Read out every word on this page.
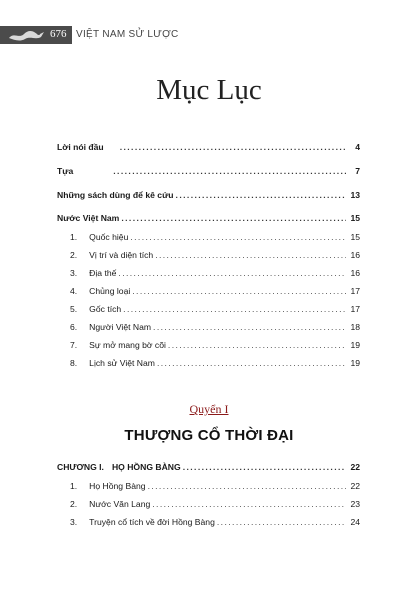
676 VIỆT NAM SỬ LƯỢC
Mục Lục
Lời nói đầu .....	4
Tựa .....	7
Những sách dùng để kê cứu .....	13
Nước Việt Nam .....	15
1. Quốc hiệu .....	15
2. Vị trí và diện tích .....	16
3. Địa thế .....	16
4. Chủng loại .....	17
5. Gốc tích .....	17
6. Người Việt Nam .....	18
7. Sự mở mang bờ cõi .....	19
8. Lịch sử Việt Nam .....	19
Quyển I
THƯỢNG CỔ THỜI ĐẠI
CHƯƠNG I. HỌ HỒNG BÀNG .....	22
1. Họ Hồng Bàng .....	22
2. Nước Văn Lang .....	23
3. Truyện cổ tích về đời Hồng Bàng .....	24
